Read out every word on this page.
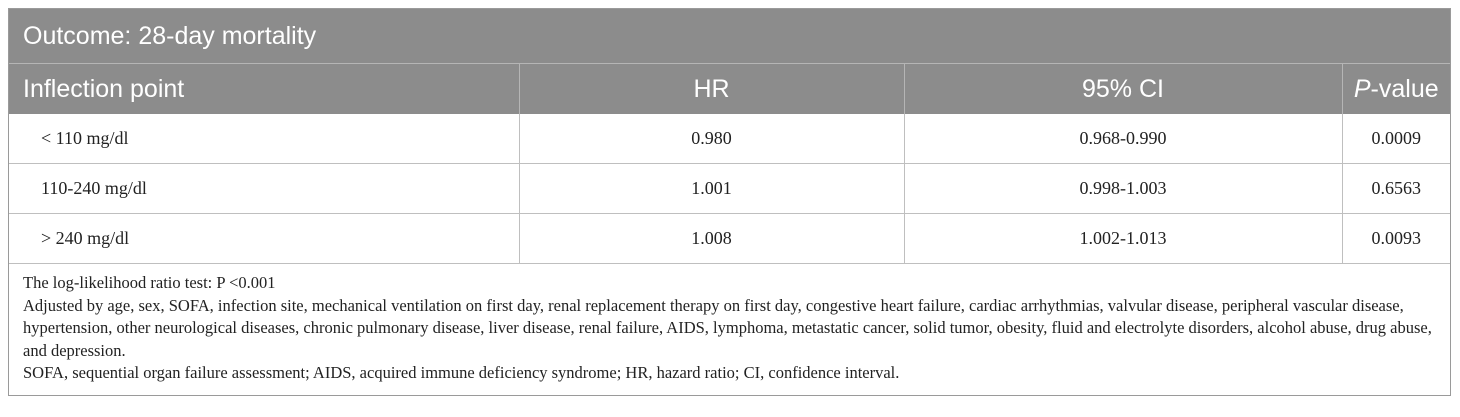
Outcome: 28-day mortality
Inflection point	HR	95% CI	P-value
< 110 mg/dl	0.980	0.968-0.990	0.0009
110-240 mg/dl	1.001	0.998-1.003	0.6563
> 240 mg/dl	1.008	1.002-1.013	0.0093

The log-likelihood ratio test: P <0.001

Adjusted by age, sex, SOFA, infection site, mechanical ventilation on first day, renal replacement therapy on first day, congestive heart failure, cardiac arrhythmias, valvular disease, peripheral vascular disease, hypertension, other neurological diseases, chronic pulmonary disease, liver disease, renal failure, AIDS, lymphoma, metastatic cancer, solid tumor, obesity, fluid and electrolyte disorders, alcohol abuse, drug abuse, and depression.

SOFA, sequential organ failure assessment; AIDS, acquired immune deficiency syndrome; HR, hazard ratio; CI, confidence interval.
